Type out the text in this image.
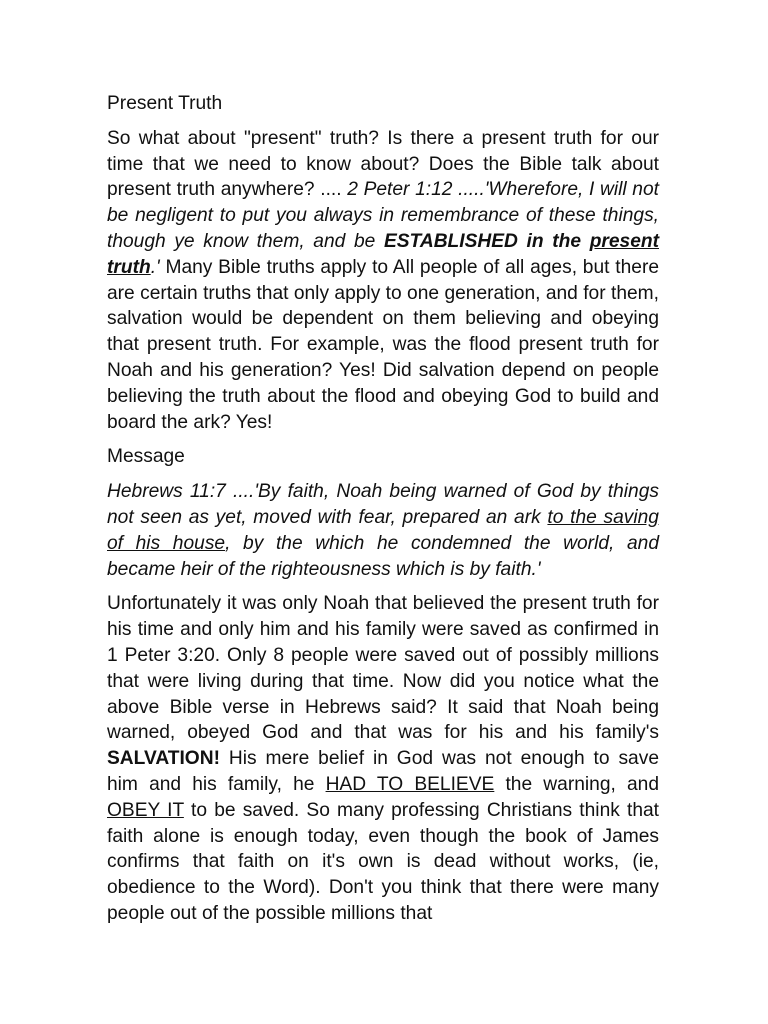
Present Truth

So what about "present" truth? Is there a present truth for our time that we need to know about? Does the Bible talk about present truth anywhere? .... 2 Peter 1:12 .....'Wherefore, I will not be negligent to put you always in remembrance of these things, though ye know them, and be ESTABLISHED in the present truth.' Many Bible truths apply to All people of all ages, but there are certain truths that only apply to one generation, and for them, salvation would be dependent on them believing and obeying that present truth. For example, was the flood present truth for Noah and his generation? Yes! Did salvation depend on people believing the truth about the flood and obeying God to build and board the ark? Yes!

Message

Hebrews 11:7 ....'By faith, Noah being warned of God by things not seen as yet, moved with fear, prepared an ark to the saving of his house, by the which he condemned the world, and became heir of the righteousness which is by faith.'

Unfortunately it was only Noah that believed the present truth for his time and only him and his family were saved as confirmed in 1 Peter 3:20. Only 8 people were saved out of possibly millions that were living during that time. Now did you notice what the above Bible verse in Hebrews said? It said that Noah being warned, obeyed God and that was for his and his family's SALVATION! His mere belief in God was not enough to save him and his family, he HAD TO BELIEVE the warning, and OBEY IT to be saved. So many professing Christians think that faith alone is enough today, even though the book of James confirms that faith on it's own is dead without works, (ie, obedience to the Word). Don't you think that there were many people out of the possible millions that
